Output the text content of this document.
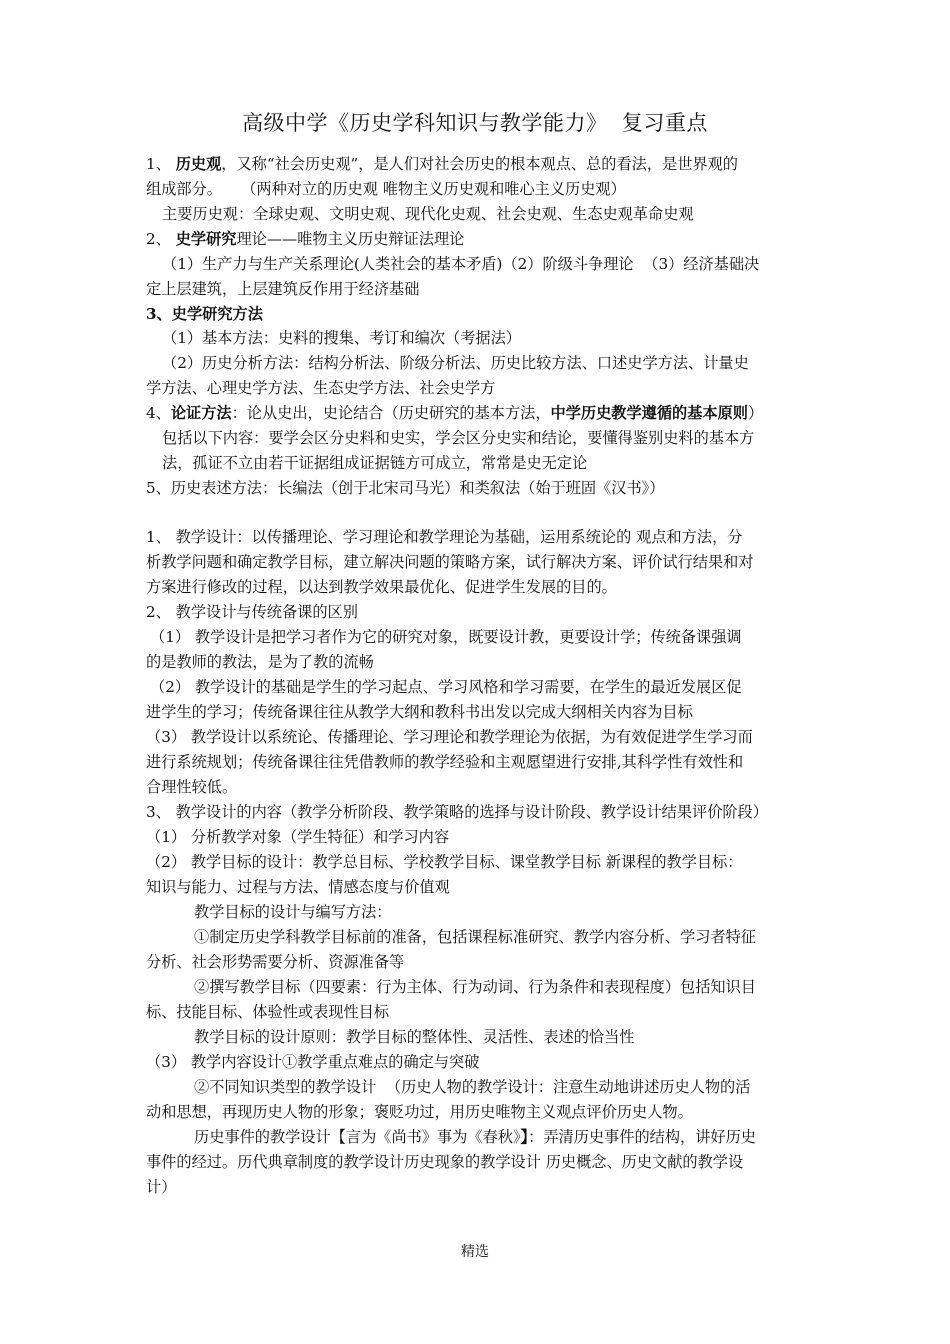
高级中学《历史学科知识与教学能力》  复习重点
1、 历史观，又称“社会历史观”，是人们对社会历史的根本观点、总的看法，是世界观的
组成部分。    （两种对立的历史观 唯物主义历史观和唯心主义历史观）
主要历史观：全球史观、文明史观、现代化史观、社会史观、生态史观革命史观
2、 史学研究理论——唯物主义历史辩证法理论
（1）生产力与生产关系理论(人类社会的基本矛盾)（2）阶级斗争理论  （3）经济基础决
定上层建筑，上层建筑反作用于经济基础
3、史学研究方法
（1）基本方法：史料的搜集、考订和编次（考据法）
（2）历史分析方法：结构分析法、阶级分析法、历史比较方法、口述史学方法、计量史
学方法、心理史学方法、生态史学方法、社会史学方
4、论证方法：论从史出，史论结合（历史研究的基本方法，中学历史教学遵循的基本原则）
包括以下内容：要学会区分史料和史实，学会区分史实和结论，要懂得鉴别史料的基本方
法，孤证不立由若干证据组成证据链方可成立，常常是史无定论
5、历史表述方法：长编法（创于北宋司马光）和类叙法（始于班固《汉书》）
1、 教学设计：以传播理论、学习理论和教学理论为基础，运用系统论的 观点和方法，分
析教学问题和确定教学目标，建立解决问题的策略方案，试行解决方案、评价试行结果和对
方案进行修改的过程，以达到教学效果最优化、促进学生发展的目的。
2、 教学设计与传统备课的区别
（1） 教学设计是把学习者作为它的研究对象，既要设计教，更要设计学；传统备课强调
的是教师的教法，是为了教的流畅
（2） 教学设计的基础是学生的学习起点、学习风格和学习需要，在学生的最近发展区促
进学生的学习；传统备课往往从教学大纲和教科书出发以完成大纲相关内容为目标
（3） 教学设计以系统论、传播理论、学习理论和教学理论为依据，为有效促进学生学习而
进行系统规划；传统备课往往凭借教师的教学经验和主观愿望进行安排,其科学性有效性和
合理性较低。
3、 教学设计的内容（教学分析阶段、教学策略的选择与设计阶段、教学设计结果评价阶段）
（1） 分析教学对象（学生特征）和学习内容
（2） 教学目标的设计：教学总目标、学校教学目标、课堂教学目标 新课程的教学目标：
知识与能力、过程与方法、情感态度与价值观
教学目标的设计与编写方法：
①制定历史学科教学目标前的准备，包括课程标准研究、教学内容分析、学习者特征
分析、社会形势需要分析、资源准备等
②撰写教学目标（四要素：行为主体、行为动词、行为条件和表现程度）包括知识目
标、技能目标、体验性或表现性目标
教学目标的设计原则：教学目标的整体性、灵活性、表述的恰当性
（3） 教学内容设计①教学重点难点的确定与突破
②不同知识类型的教学设计  （历史人物的教学设计：注意生动地讲述历史人物的活
动和思想，再现历史人物的形象；褒贬功过，用历史唯物主义观点评价历史人物。
历史事件的教学设计【言为《尚书》事为《春秋》】：弄清历史事件的结构，讲好历史
事件的经过。历代典章制度的教学设计历史现象的教学设计 历史概念、历史文献的教学设
计）
精选
